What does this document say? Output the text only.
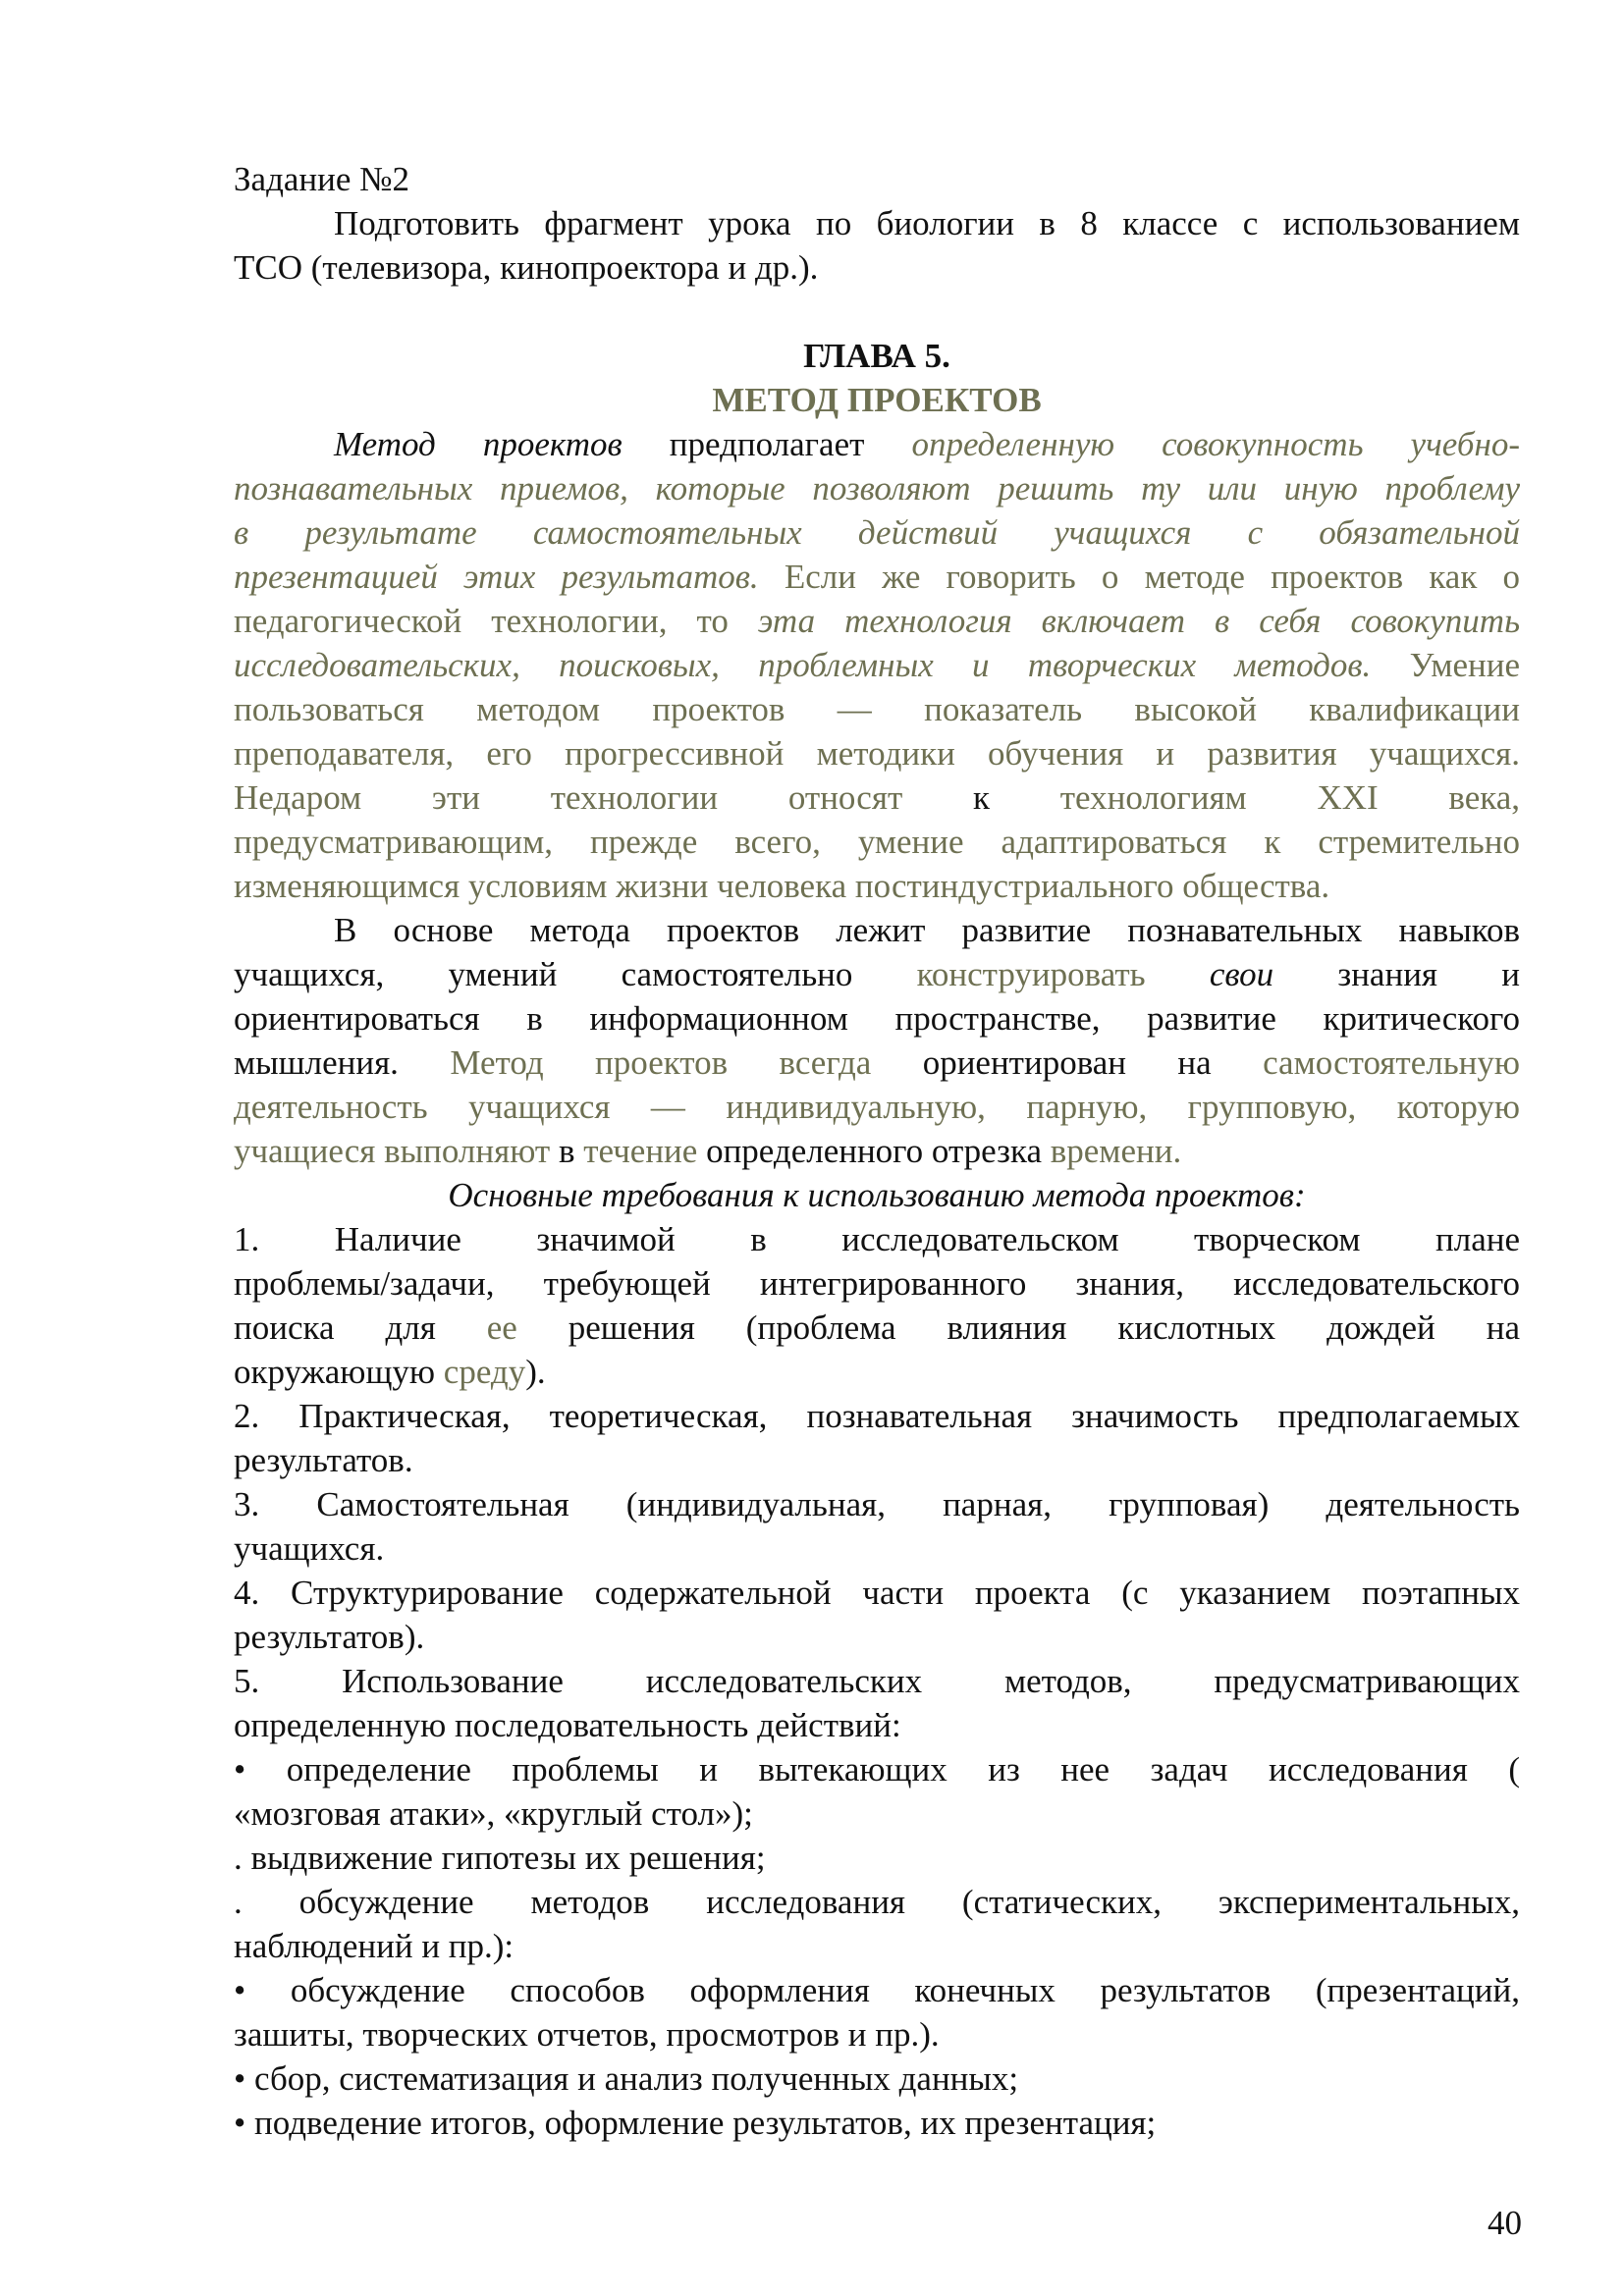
Задание №2
Подготовить фрагмент урока по биологии в 8 классе с использованием
ТСО (телевизора, кинопроектора и др.).
ГЛАВА 5.
МЕТОД ПРОЕКТОВ
Метод проектов предполагает определенную совокупность учебно-
познавательных приемов, которые позволяют решить ту или иную проблему
в результате самостоятельных действий учащихся с обязательной
презентацией этих результатов. Если же говорить о методе проектов как о
педагогической технологии, то эта технология включает в себя совокупить
исследовательских, поисковых, проблемных и творческих методов. Умение
пользоваться методом проектов — показатель высокой квалификации
преподавателя, его прогрессивной методики обучения и развития учащихся.
Недаром эти технологии относят к технологиям XXI века,
предусматривающим, прежде всего, умение адаптироваться к стремительно
изменяющимся условиям жизни человека постиндустриального общества.
В основе метода проектов лежит развитие познавательных навыков
учащихся, умений самостоятельно конструировать свои знания и
ориентироваться в информационном пространстве, развитие критического
мышления. Метод проектов всегда ориентирован на самостоятельную
деятельность учащихся — индивидуальную, парную, групповую, которую
учащиеся выполняют в течение определенного отрезка времени.
Основные требования к использованию метода проектов:
1. Наличие значимой в исследовательском творческом плане
проблемы/задачи, требующей интегрированного знания, исследовательского
поиска для ее решения (проблема влияния кислотных дождей на
окружающую среду).
2. Практическая, теоретическая, познавательная значимость предполагаемых
результатов.
3. Самостоятельная (индивидуальная, парная, групповая) деятельность
учащихся.
4. Структурирование содержательной части проекта (с указанием поэтапных
результатов).
5. Использование исследовательских методов, предусматривающих
определенную последовательность действий:
• определение проблемы и вытекающих из нее задач исследования (
«мозговая атаки», «круглый стол»);
. выдвижение гипотезы их решения;
. обсуждение методов исследования (статических, экспериментальных,
наблюдений и пр.):
• обсуждение способов оформления конечных результатов (презентаций,
зашиты, творческих отчетов, просмотров и пр.).
• сбор, систематизация и анализ полученных данных;
• подведение итогов, оформление результатов, их презентация;
40
